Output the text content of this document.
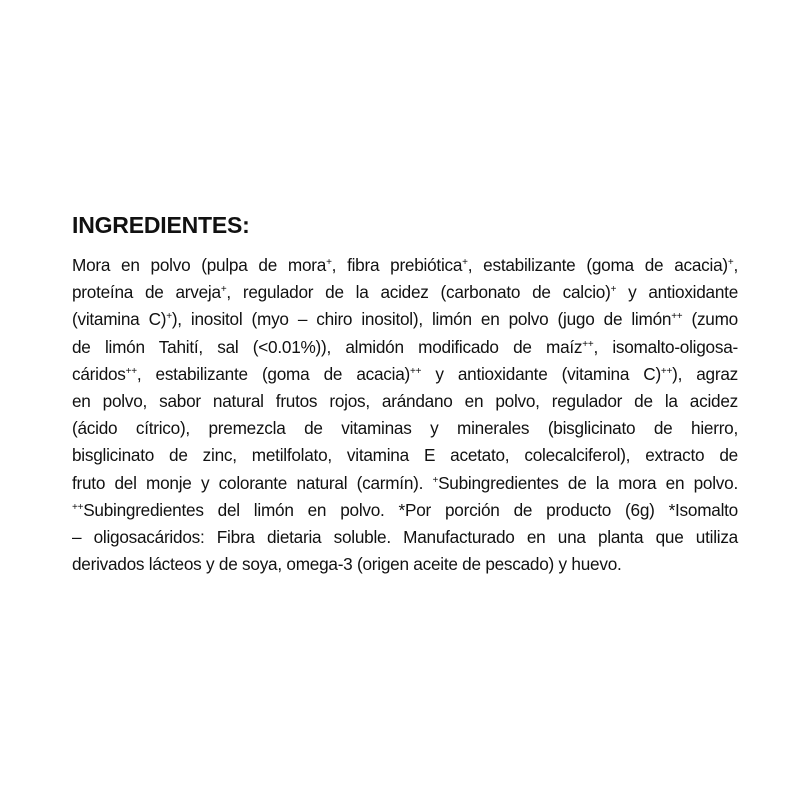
INGREDIENTES:
Mora en polvo (pulpa de mora+, fibra prebiótica+, estabilizante (goma de acacia)+,
proteína de arveja+, regulador de la acidez (carbonato de calcio)+ y antioxidante
(vitamina C)+), inositol (myo – chiro inositol), limón en polvo (jugo de limón++ (zumo
de limón Tahití, sal (<0.01%)), almidón modificado de maíz++, isomalto-oligosa-
cáridos++, estabilizante (goma de acacia)++ y antioxidante (vitamina C)++), agraz
en polvo, sabor natural frutos rojos, arándano en polvo, regulador de la acidez
(ácido cítrico), premezcla de vitaminas y minerales (bisglicinato de hierro,
bisglicinato de zinc, metilfolato, vitamina E acetato, colecalciferol), extracto de
fruto del monje y colorante natural (carmín). +Subingredientes de la mora en polvo.
++Subingredientes del limón en polvo. *Por porción de producto (6g) *Isomalto
– oligosacáridos: Fibra dietaria soluble. Manufacturado en una planta que utiliza
derivados lácteos y de soya, omega-3 (origen aceite de pescado) y huevo.
